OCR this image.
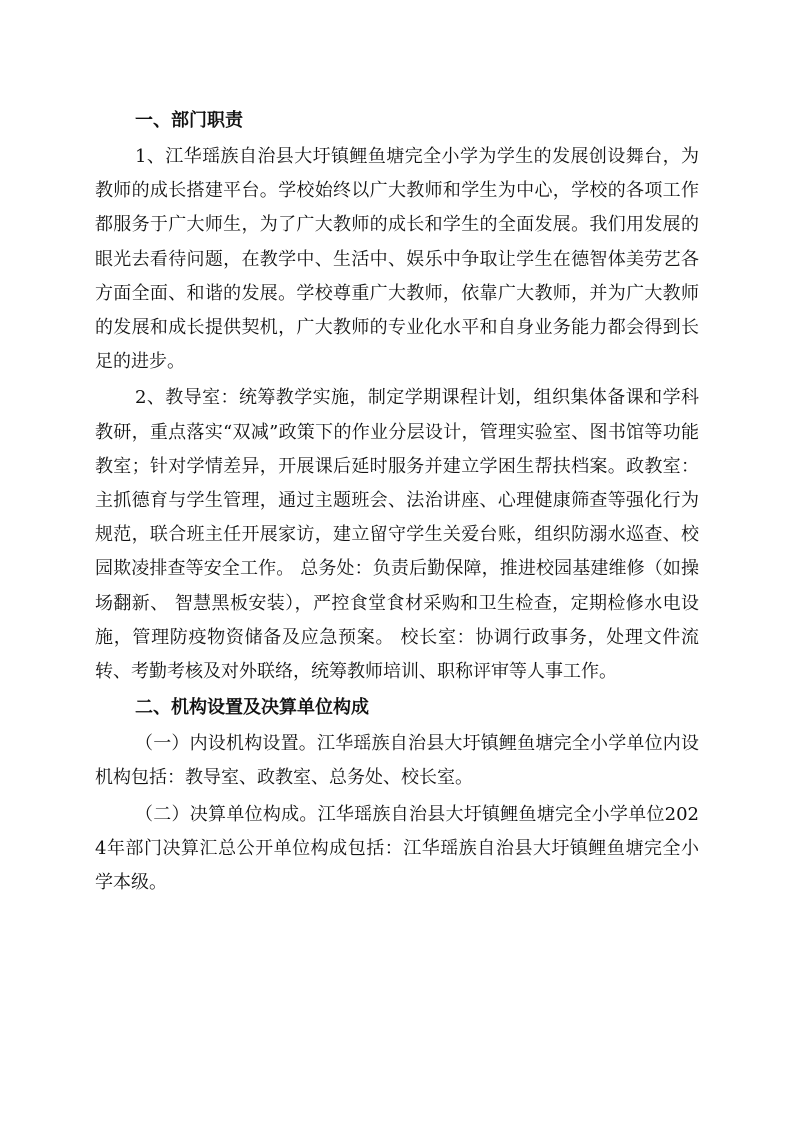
一、部门职责

1、江华瑶族自治县大圩镇鲤鱼塘完全小学为学生的发展创设舞台，为教师的成长搭建平台。学校始终以广大教师和学生为中心，学校的各项工作都服务于广大师生，为了广大教师的成长和学生的全面发展。我们用发展的眼光去看待问题，在教学中、生活中、娱乐中争取让学生在德智体美劳艺各方面全面、和谐的发展。学校尊重广大教师，依靠广大教师，并为广大教师的发展和成长提供契机，广大教师的专业化水平和自身业务能力都会得到长足的进步。

2、教导室：统筹教学实施，制定学期课程计划，组织集体备课和学科教研，重点落实“双减”政策下的作业分层设计，管理实验室、图书馆等功能教室；针对学情差异，开展课后延时服务并建立学困生帮扶档案。政教室：主抓德育与学生管理，通过主题班会、法治讲座、心理健康筛查等强化行为规范，联合班主任开展家访，建立留守学生关爱台账，组织防溺水巡查、校园欺凌排查等安全工作。 总务处：负责后勤保障，推进校园基建维修（如操场翻新、 智慧黑板安装），严控食堂食材采购和卫生检查，定期检修水电设施，管理防疫物资储备及应急预案。 校长室：协调行政事务，处理文件流转、考勤考核及对外联络，统筹教师培训、职称评审等人事工作。

二、机构设置及决算单位构成

（一）内设机构设置。江华瑶族自治县大圩镇鲤鱼塘完全小学单位内设机构包括：教导室、政教室、总务处、校长室。

（二）决算单位构成。江华瑶族自治县大圩镇鲤鱼塘完全小学单位2024年部门决算汇总公开单位构成包括：江华瑶族自治县大圩镇鲤鱼塘完全小学本级。
